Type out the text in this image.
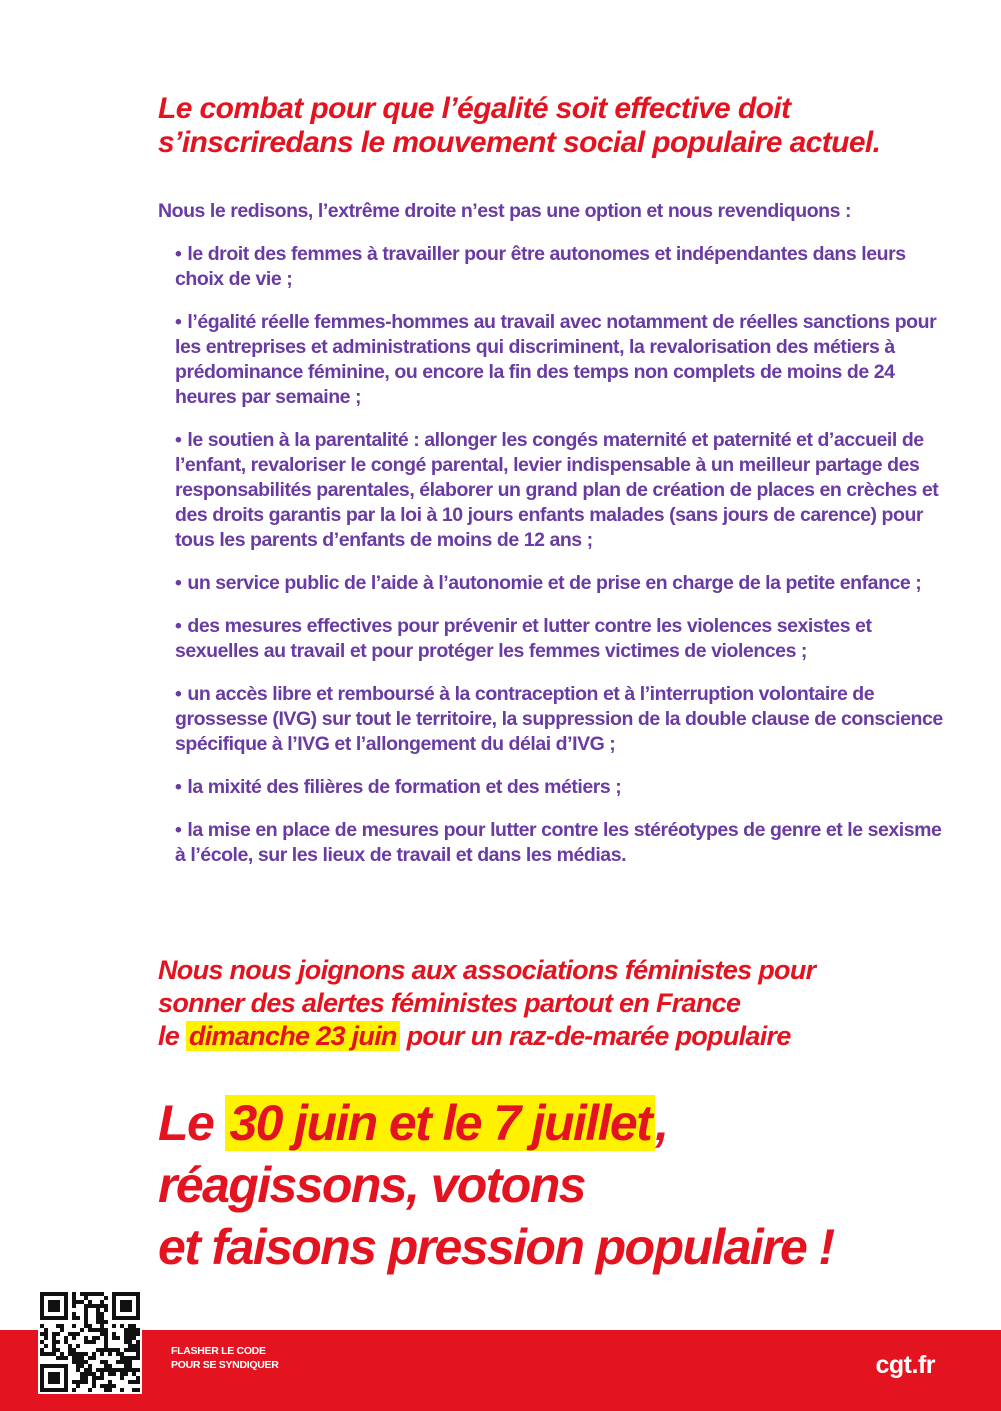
Le combat pour que l’égalité soit effective doit s’inscriredans le mouvement social populaire actuel.

Nous le redisons, l’extrême droite n’est pas une option et nous revendiquons :

• le droit des femmes à travailler pour être autonomes et indépendantes dans leurs choix de vie ;
• l’égalité réelle femmes-hommes au travail avec notamment de réelles sanctions pour les entreprises et administrations qui discriminent, la revalorisation des métiers à prédominance féminine, ou encore la fin des temps non complets de moins de 24 heures par semaine ;
• le soutien à la parentalité : allonger les congés maternité et paternité et d’accueil de l’enfant, revaloriser le congé parental, levier indispensable à un meilleur partage des responsabilités parentales, élaborer un grand plan de création de places en crèches et des droits garantis par la loi à 10 jours enfants malades (sans jours de carence) pour tous les parents d’enfants de moins de 12 ans ;
• un service public de l’aide à l’autonomie et de prise en charge de la petite enfance ;
• des mesures effectives pour prévenir et lutter contre les violences sexistes et sexuelles au travail et pour protéger les femmes victimes de violences ;
• un accès libre et remboursé à la contraception et à l’interruption volontaire de grossesse (IVG) sur tout le territoire, la suppression de la double clause de conscience spécifique à l’IVG et l’allongement du délai d’IVG ;
• la mixité des filières de formation et des métiers ;
• la mise en place de mesures pour lutter contre les stéréotypes de genre et le sexisme à l’école, sur les lieux de travail et dans les médias.

Nous nous joignons aux associations féministes pour
sonner des alertes féministes partout en France
le dimanche 23 juin pour un raz-de-marée populaire

Le 30 juin et le 7 juillet,
réagissons, votons
et faisons pression populaire !

FLASHER LE CODE POUR SE SYNDIQUER	cgt.fr
